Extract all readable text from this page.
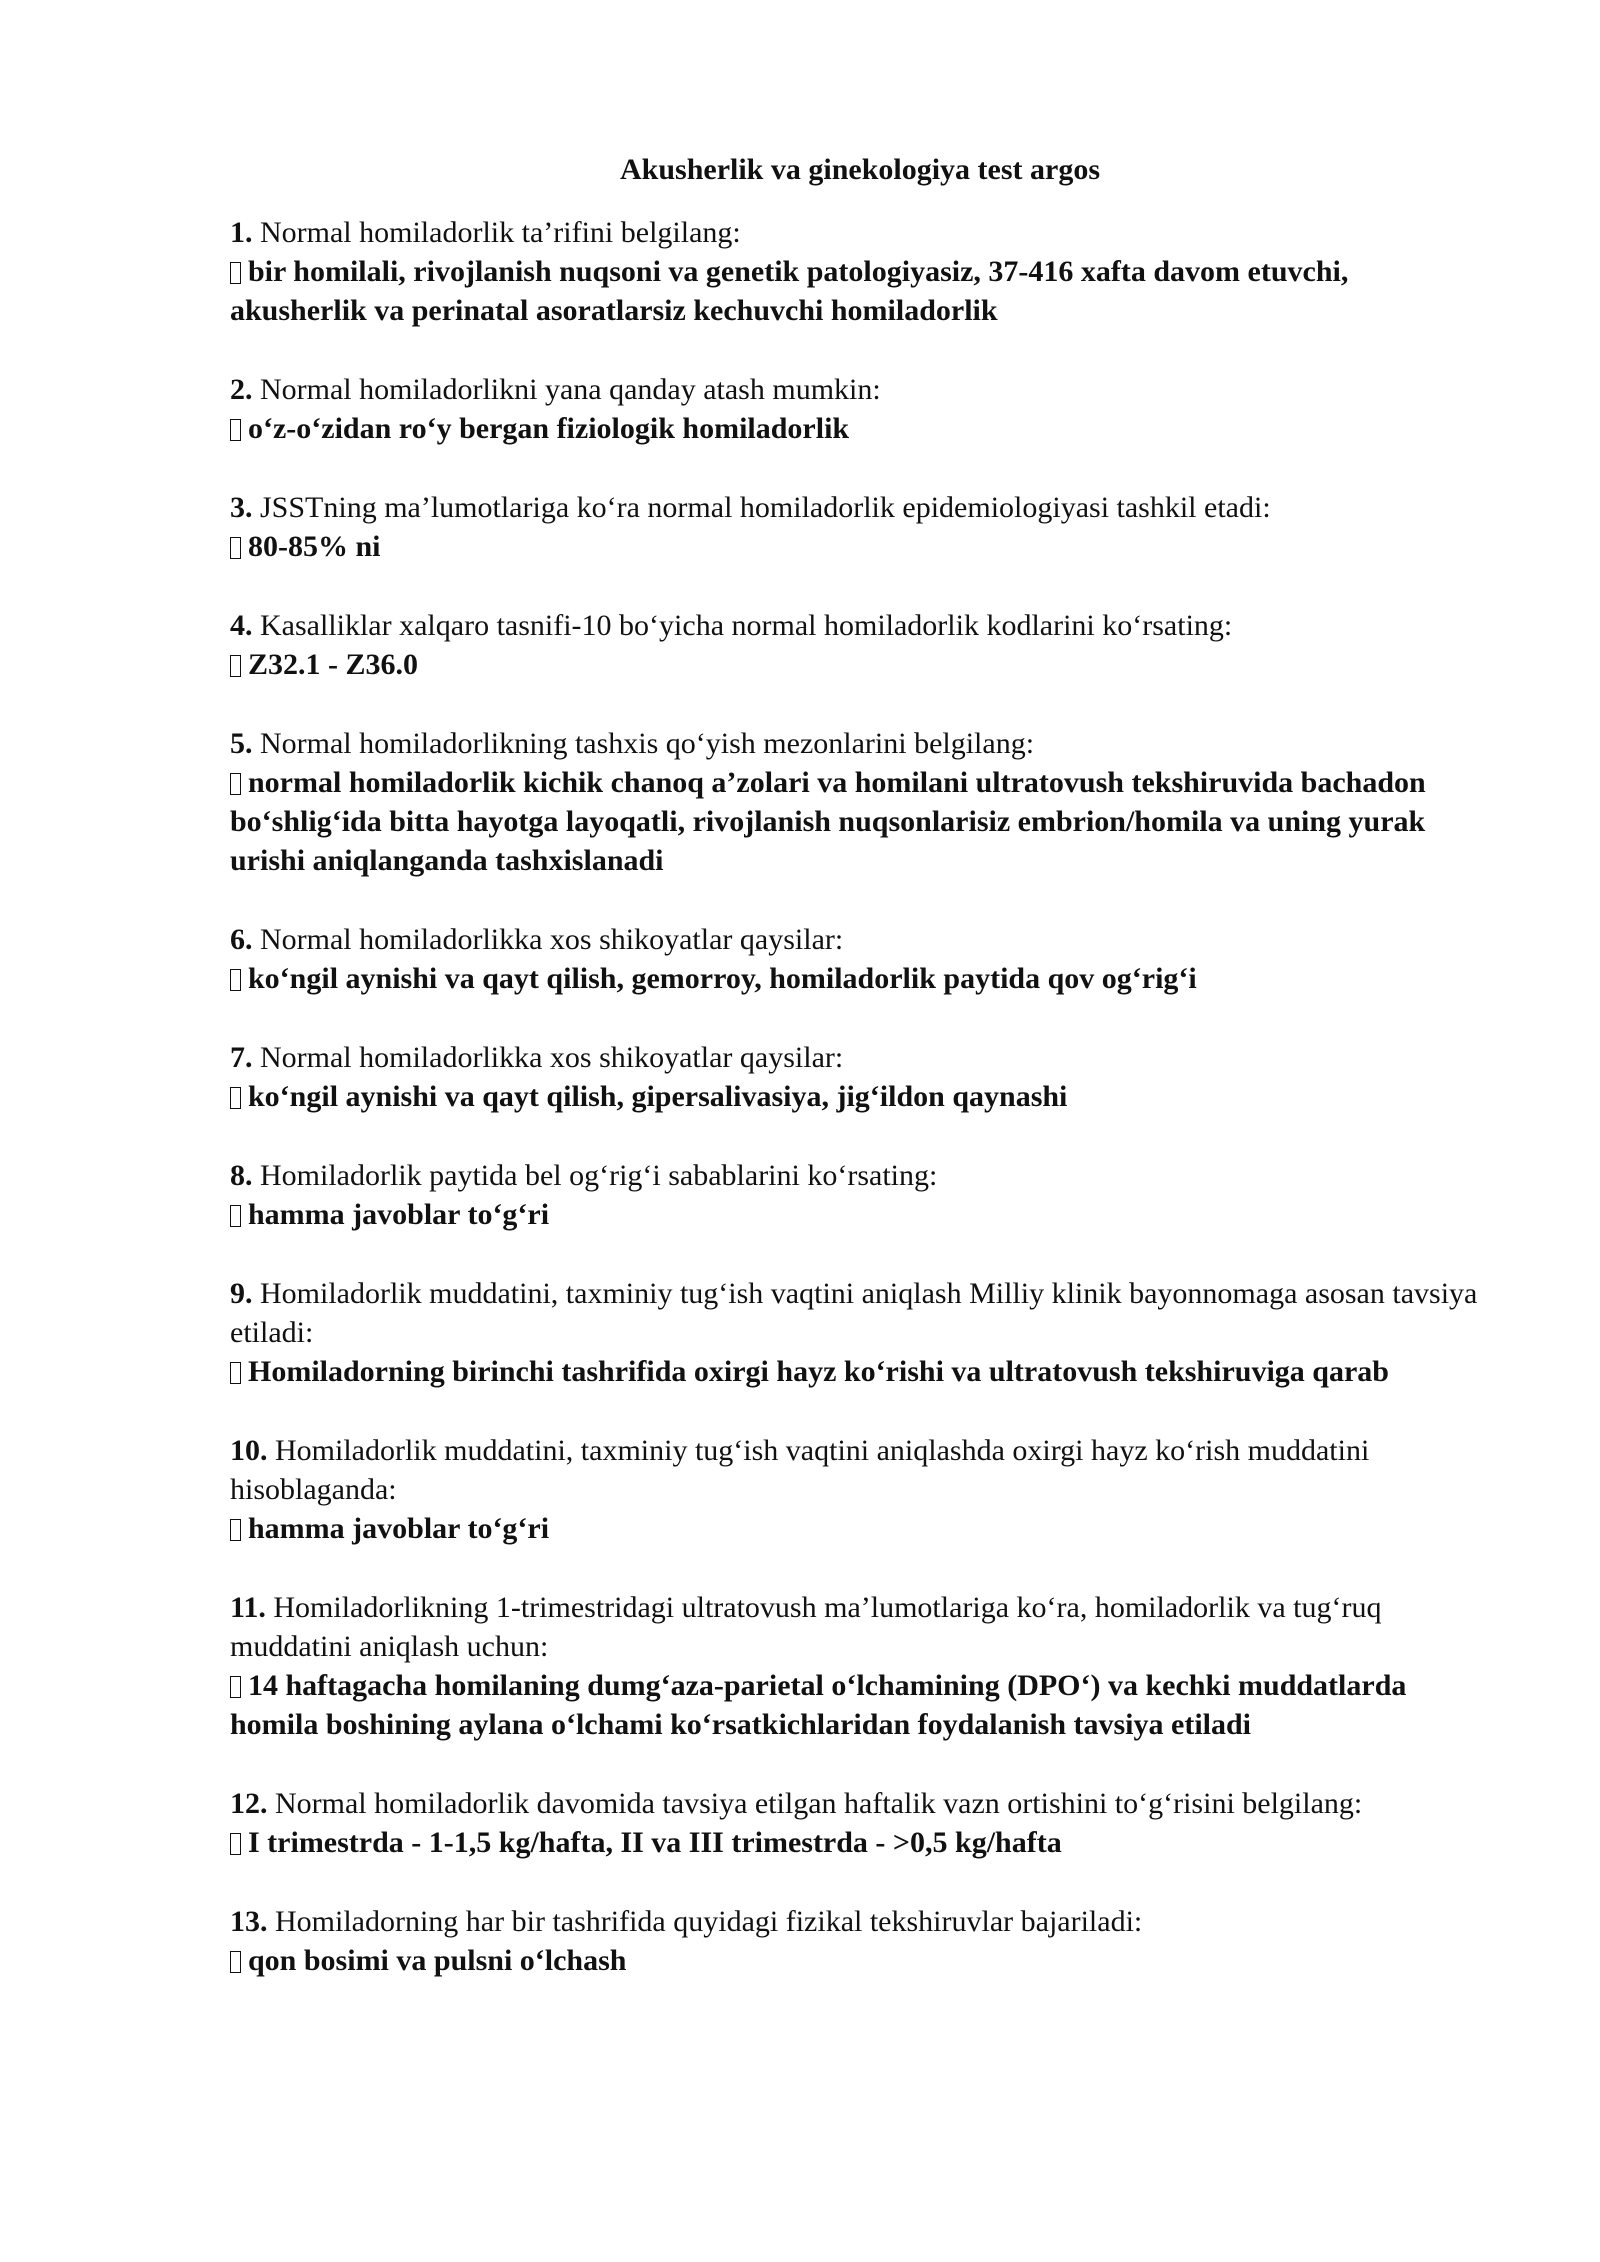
Akusherlik va ginekologiya test argos
1. Normal homiladorlik ta’rifini belgilang:
bir homilali, rivojlanish nuqsoni va genetik patologiyasiz, 37-416 xafta davom etuvchi, akusherlik va perinatal asoratlarsiz kechuvchi homiladorlik
2. Normal homiladorlikni yana qanday atash mumkin:
o‘z-o‘zidan ro‘y bergan fiziologik homiladorlik
3. JSSTning ma’lumotlariga ko‘ra normal homiladorlik epidemiologiyasi tashkil etadi:
80-85% ni
4. Kasalliklar xalqaro tasnifi-10 bo‘yicha normal homiladorlik kodlarini ko‘rsating:
Z32.1 - Z36.0
5. Normal homiladorlikning tashxis qo‘yish mezonlarini belgilang:
normal homiladorlik kichik chanoq a’zolari va homilani ultratovush tekshiruvida bachadon bo‘shlig‘ida bitta hayotga layoqatli, rivojlanish nuqsonlarisiz embrion/homila va uning yurak urishi aniqlanganda tashxislanadi
6. Normal homiladorlikka xos shikoyatlar qaysilar:
ko‘ngil aynishi va qayt qilish, gemorroy, homiladorlik paytida qov og‘rig‘i
7. Normal homiladorlikka xos shikoyatlar qaysilar:
ko‘ngil aynishi va qayt qilish, gipersalivasiya, jig‘ildon qaynashi
8. Homiladorlik paytida bel og‘rig‘i sabablarini ko‘rsating:
hamma javoblar to‘g‘ri
9. Homiladorlik muddatini, taxminiy tug‘ish vaqtini aniqlash Milliy klinik bayonnomaga asosan tavsiya etiladi:
Homiladorning birinchi tashrifida oxirgi hayz ko‘rishi va ultratovush tekshiruviga qarab
10. Homiladorlik muddatini, taxminiy tug‘ish vaqtini aniqlashda oxirgi hayz ko‘rish muddatini hisoblaganda:
hamma javoblar to‘g‘ri
11. Homiladorlikning 1-trimestridagi ultratovush ma’lumotlariga ko‘ra, homiladorlik va tug‘ruq muddatini aniqlash uchun:
14 haftagacha homilaning dumg‘aza-parietal o‘lchamining (DPO‘) va kechki muddatlarda homila boshining aylana o‘lchami ko‘rsatkichlaridan foydalanish tavsiya etiladi
12. Normal homiladorlik davomida tavsiya etilgan haftalik vazn ortishini to‘g‘risini belgilang:
I trimestrda - 1-1,5 kg/hafta, II va III trimestrda - >0,5 kg/hafta
13. Homiladorning har bir tashrifida quyidagi fizikal tekshiruvlar bajariladi:
qon bosimi va pulsni o‘lchash
